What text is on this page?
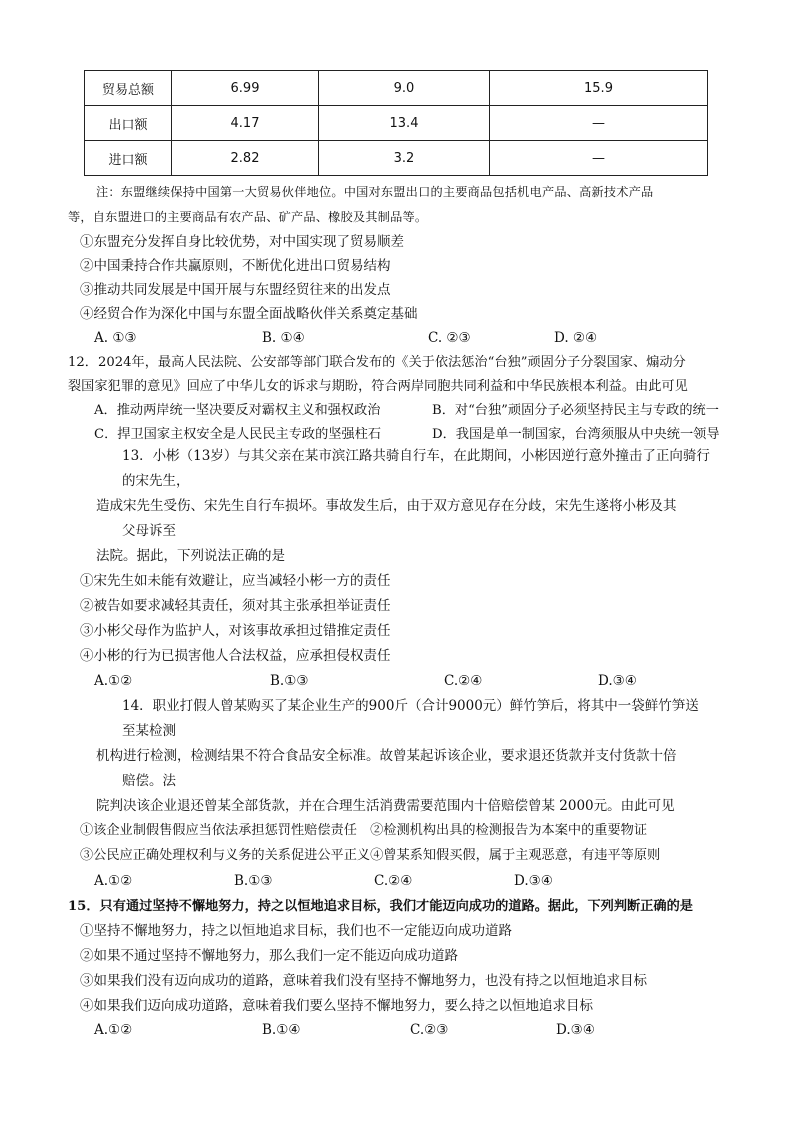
贸易总额	6.99	9.0	15.9
出口额	4.17	13.4	—
进口额	2.82	3.2	—
注：东盟继续保持中国第一大贸易伙伴地位。中国对东盟出口的主要商品包括机电产品、高新技术产品
等，自东盟进口的主要商品有农产品、矿产品、橡胶及其制品等。
①东盟充分发挥自身比较优势，对中国实现了贸易顺差
②中国秉持合作共赢原则，不断优化进出口贸易结构
③推动共同发展是中国开展与东盟经贸往来的出发点
④经贸合作为深化中国与东盟全面战略伙伴关系奠定基础
A. ①③	B. ①④	C. ②③	D. ②④
12．2024年，最高人民法院、公安部等部门联合发布的《关于依法惩治“台独”顽固分子分裂国家、煽动分
裂国家犯罪的意见》回应了中华儿女的诉求与期盼，符合两岸同胞共同利益和中华民族根本利益。由此可见
A．推动两岸统一坚决要反对霸权主义和强权政治	B．对“台独”顽固分子必须坚持民主与专政的统一
C．捍卫国家主权安全是人民民主专政的坚强柱石	D．我国是单一制国家，台湾须服从中央统一领导
13．小彬（13岁）与其父亲在某市滨江路共骑自行车，在此期间，小彬因逆行意外撞击了正向骑行
的宋先生，
造成宋先生受伤、宋先生自行车损坏。事故发生后，由于双方意见存在分歧，宋先生遂将小彬及其
父母诉至
法院。据此，下列说法正确的是
①宋先生如未能有效避让，应当减轻小彬一方的责任
②被告如要求减轻其责任，须对其主张承担举证责任
③小彬父母作为监护人，对该事故承担过错推定责任
④小彬的行为已损害他人合法权益，应承担侵权责任
A.①②	B.①③	C.②④	D.③④
14．职业打假人曾某购买了某企业生产的900斤（合计9000元）鲜竹笋后，将其中一袋鲜竹笋送
至某检测
机构进行检测，检测结果不符合食品安全标准。故曾某起诉该企业，要求退还货款并支付货款十倍
赔偿。法
院判决该企业退还曾某全部货款，并在合理生活消费需要范围内十倍赔偿曾某 2000元。由此可见
①该企业制假售假应当依法承担惩罚性赔偿责任　②检测机构出具的检测报告为本案中的重要物证
③公民应正确处理权利与义务的关系促进公平正义④曾某系知假买假，属于主观恶意，有违平等原则
A.①②	B.①③	C.②④	D.③④
15．只有通过坚持不懈地努力，持之以恒地追求目标，我们才能迈向成功的道路。据此，下列判断正确的是
①坚持不懈地努力，持之以恒地追求目标，我们也不一定能迈向成功道路
②如果不通过坚持不懈地努力，那么我们一定不能迈向成功道路
③如果我们没有迈向成功的道路，意味着我们没有坚持不懈地努力，也没有持之以恒地追求目标
④如果我们迈向成功道路，意味着我们要么坚持不懈地努力，要么持之以恒地追求目标
A.①②	B.①④	C.②③	D.③④
